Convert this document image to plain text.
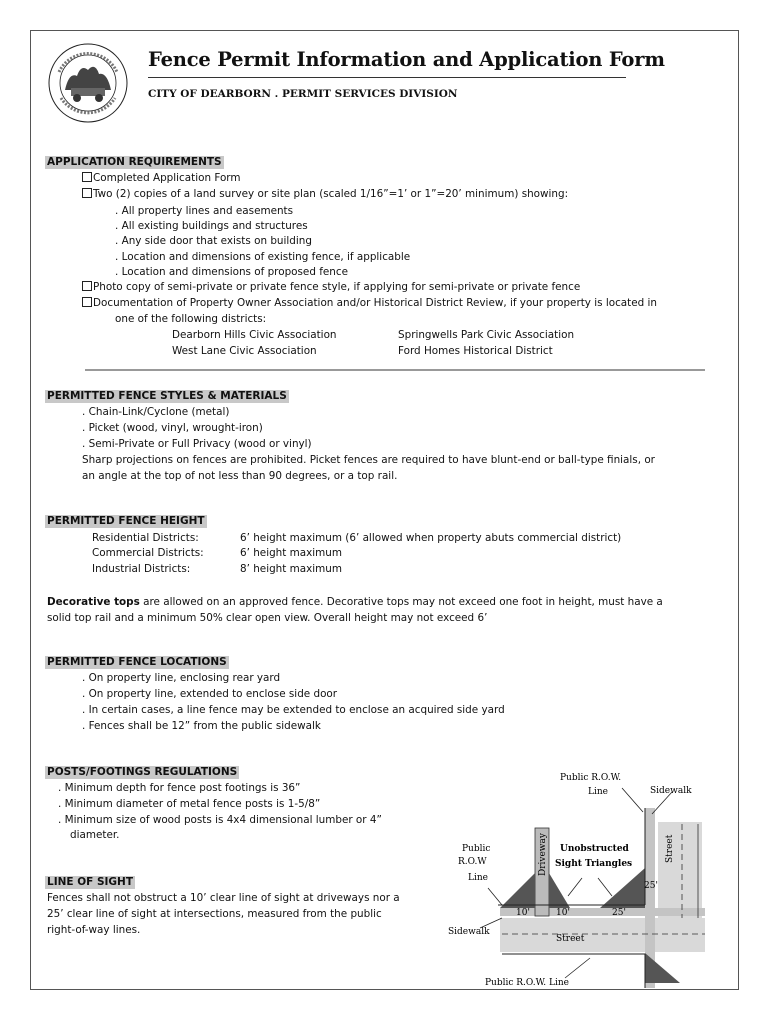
Fence Permit Information and Application Form
CITY OF DEARBORN . PERMIT SERVICES DIVISION
APPLICATION REQUIREMENTS
Completed Application Form
Two (2) copies of a land survey or site plan (scaled 1/16”=1’ or 1”=20’ minimum) showing:
. All property lines and easements
. All existing buildings and structures
. Any side door that exists on building
. Location and dimensions of existing fence, if applicable
. Location and dimensions of proposed fence
Photo copy of semi-private or private fence style, if applying for semi-private or private fence
Documentation of Property Owner Association and/or Historical District Review, if your property is located in
one of the following districts:
Dearborn Hills Civic Association	Springwells Park Civic Association
West Lane Civic Association	Ford Homes Historical District
PERMITTED FENCE STYLES & MATERIALS
. Chain-Link/Cyclone (metal)
. Picket (wood, vinyl, wrought-iron)
. Semi-Private or Full Privacy (wood or vinyl)
Sharp projections on fences are prohibited. Picket fences are required to have blunt-end or ball-type finials, or
an angle at the top of not less than 90 degrees, or a top rail.
PERMITTED FENCE HEIGHT
Residential Districts:	6’ height maximum (6’ allowed when property abuts commercial district)
Commercial Districts:	6’ height maximum
Industrial Districts:	8’ height maximum
Decorative tops are allowed on an approved fence. Decorative tops may not exceed one foot in height, must have a
solid top rail and a minimum 50% clear open view. Overall height may not exceed 6’
PERMITTED FENCE LOCATIONS
. On property line, enclosing rear yard
. On property line, extended to enclose side door
. In certain cases, a line fence may be extended to enclose an acquired side yard
. Fences shall be 12” from the public sidewalk
POSTS/FOOTINGS REGULATIONS
. Minimum depth for fence post footings is 36”
. Minimum diameter of metal fence posts is 1-5/8”
. Minimum size of wood posts is 4x4 dimensional lumber or 4”
diameter.
LINE OF SIGHT
Fences shall not obstruct a 10’ clear line of sight at driveways nor a
25’ clear line of sight at intersections, measured from the public
right-of-way lines.
Public R.O.W.
Line	Sidewalk
Public
R.O.W
Line
Driveway Unobstructed
Sight Triangles
Street
25'
10'	10'	25'
Sidewalk
Street
Public R.O.W. Line
